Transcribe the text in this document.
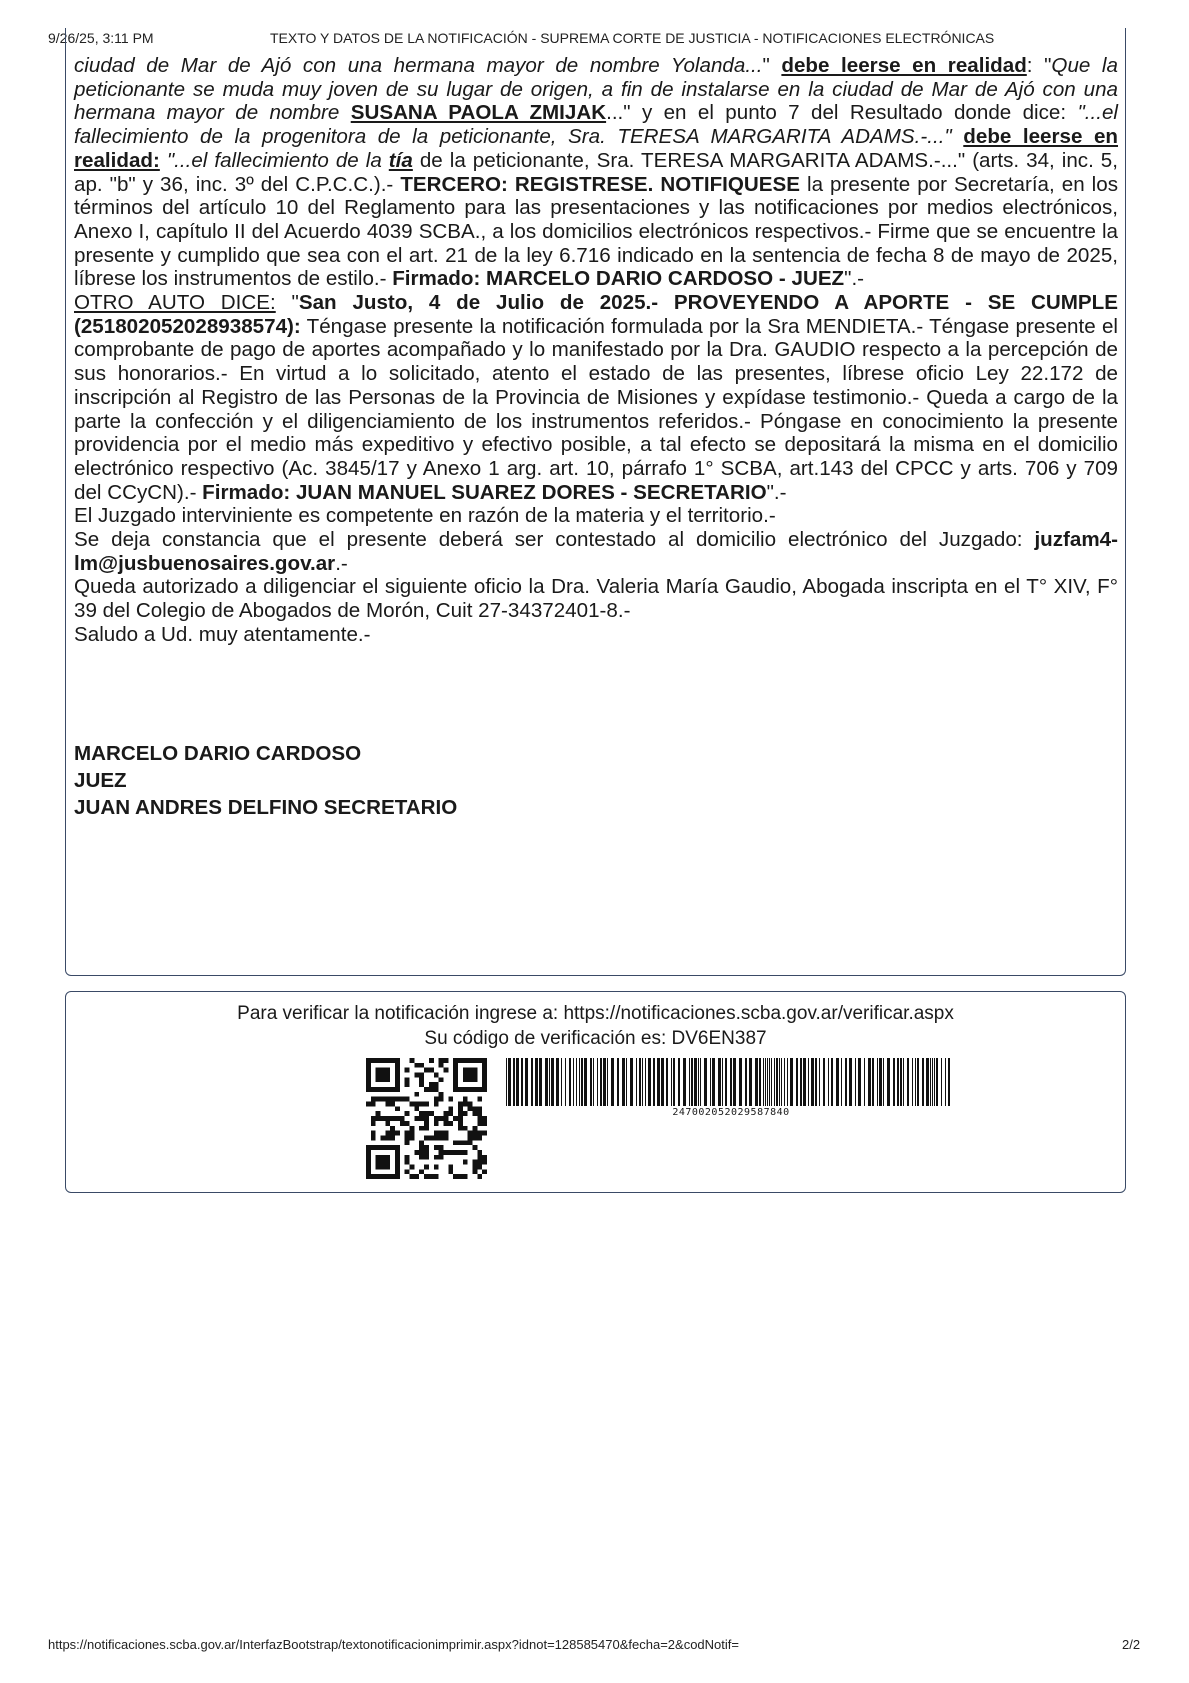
9/26/25, 3:11 PM	TEXTO Y DATOS DE LA NOTIFICACIÓN - SUPREMA CORTE DE JUSTICIA - NOTIFICACIONES ELECTRÓNICAS

ciudad de Mar de Ajó con una hermana mayor de nombre Yolanda..." debe leerse en realidad: "Que la peticionante se muda muy joven de su lugar de origen, a fin de instalarse en la ciudad de Mar de Ajó con una hermana mayor de nombre SUSANA PAOLA ZMIJAK..." y en el punto 7 del Resultado donde dice: "...el fallecimiento de la progenitora de la peticionante, Sra. TERESA MARGARITA ADAMS.-..." debe leerse en realidad: "...el fallecimiento de la tía de la peticionante, Sra. TERESA MARGARITA ADAMS.-..." (arts. 34, inc. 5, ap. "b" y 36, inc. 3º del C.P.C.C.).- TERCERO: REGISTRESE. NOTIFIQUESE la presente por Secretaría, en los términos del artículo 10 del Reglamento para las presentaciones y las notificaciones por medios electrónicos, Anexo I, capítulo II del Acuerdo 4039 SCBA., a los domicilios electrónicos respectivos.- Firme que se encuentre la presente y cumplido que sea con el art. 21 de la ley 6.716 indicado en la sentencia de fecha 8 de mayo de 2025, líbrese los instrumentos de estilo.- Firmado: MARCELO DARIO CARDOSO - JUEZ".-

OTRO AUTO DICE: "San Justo, 4 de Julio de 2025.- PROVEYENDO A APORTE - SE CUMPLE (251802052028938574): Téngase presente la notificación formulada por la Sra MENDIETA.- Téngase presente el comprobante de pago de aportes acompañado y lo manifestado por la Dra. GAUDIO respecto a la percepción de sus honorarios.- En virtud a lo solicitado, atento el estado de las presentes, líbrese oficio Ley 22.172 de inscripción al Registro de las Personas de la Provincia de Misiones y expídase testimonio.- Queda a cargo de la parte la confección y el diligenciamiento de los instrumentos referidos.- Póngase en conocimiento la presente providencia por el medio más expeditivo y efectivo posible, a tal efecto se depositará la misma en el domicilio electrónico respectivo (Ac. 3845/17 y Anexo 1 arg. art. 10, párrafo 1° SCBA, art.143 del CPCC y arts. 706 y 709 del CCyCN).- Firmado: JUAN MANUEL SUAREZ DORES - SECRETARIO".-

El Juzgado interviniente es competente en razón de la materia y el territorio.-

Se deja constancia que el presente deberá ser contestado al domicilio electrónico del Juzgado: juzfam4-lm@jusbuenosaires.gov.ar.-

Queda autorizado a diligenciar el siguiente oficio la Dra. Valeria María Gaudio, Abogada inscripta en el T° XIV, F° 39 del Colegio de Abogados de Morón, Cuit 27-34372401-8.-

Saludo a Ud. muy atentamente.-

MARCELO DARIO CARDOSO
JUEZ
JUAN ANDRES DELFINO SECRETARIO
Para verificar la notificación ingrese a: https://notificaciones.scba.gov.ar/verificar.aspx
Su código de verificación es: DV6EN387
247002052029587840
https://notificaciones.scba.gov.ar/InterfazBootstrap/textonotificacionimprimir.aspx?idnot=128585470&fecha=2&codNotif=	2/2
